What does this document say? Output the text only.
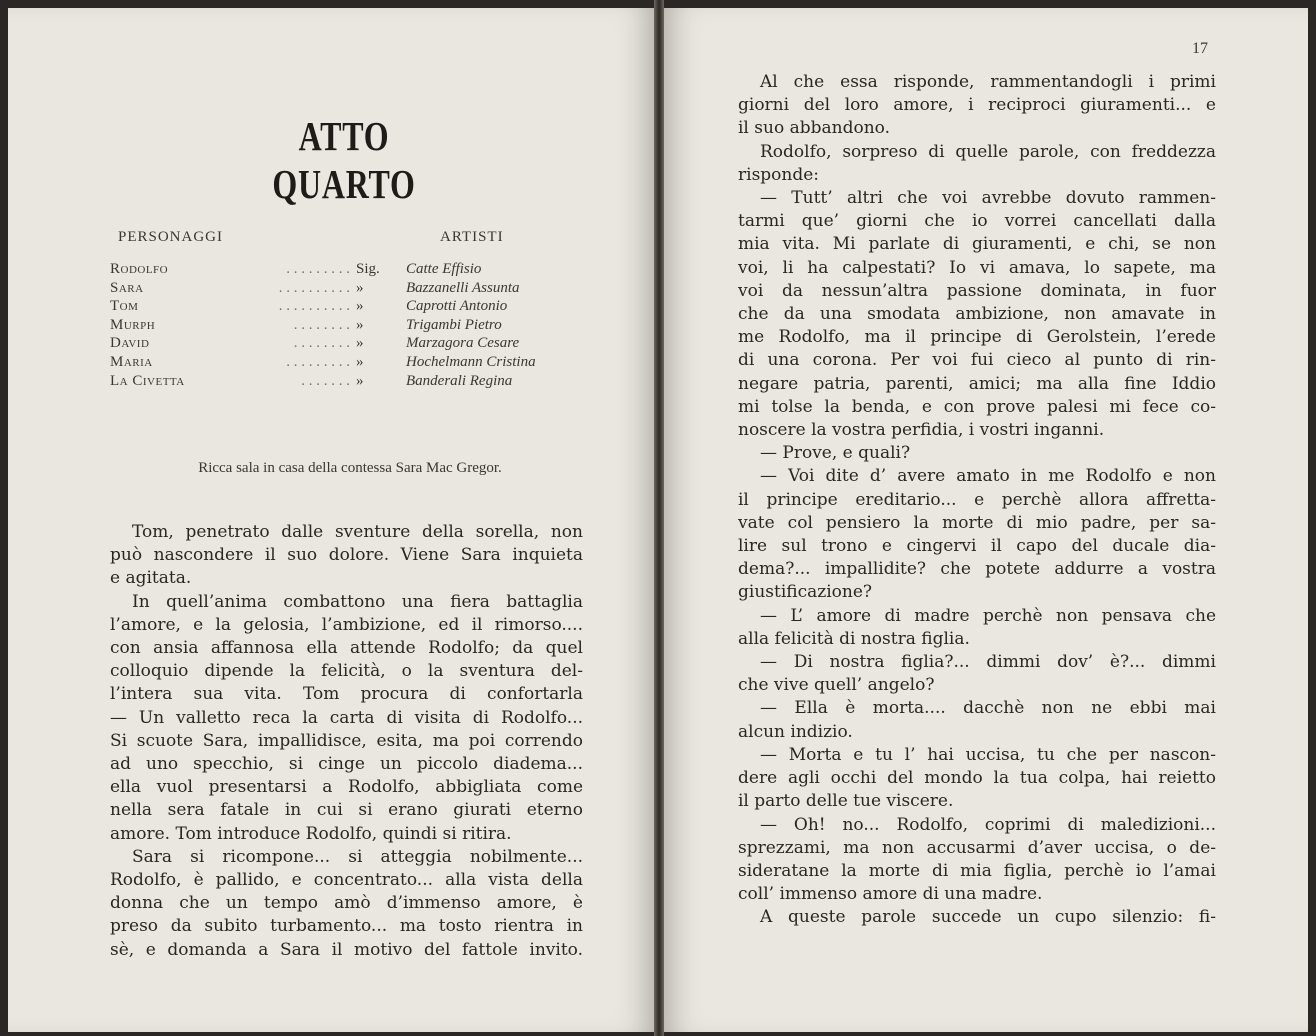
ATTO QUARTO
PERSONAGGI	ARTISTI
. . . . . . . . .
Rodolfo	Sig.	Catte Effisio
. . . . . . . . . .
Sara	»	Bazzanelli Assunta
. . . . . . . . . .
Tom	»	Caprotti Antonio
. . . . . . . .
Murph	»	Trigambi Pietro
. . . . . . . .
David	»	Marzagora Cesare
. . . . . . . . .
Maria	»	Hochelmann Cristina
. . . . . . .
La Civetta	»	Banderali Regina
Ricca sala in casa della contessa Sara Mac Gregor.
Tom, penetrato dalle sventure della sorella, non
può nascondere il suo dolore. Viene Sara inquieta
e agitata.
In quell’anima combattono una fiera battaglia
l’amore, e la gelosia, l’ambizione, ed il rimorso....
con ansia affannosa ella attende Rodolfo; da quel
colloquio dipende la felicità, o la sventura del-
l’intera sua vita. Tom procura di confortarla
— Un valletto reca la carta di visita di Rodolfo...
Si scuote Sara, impallidisce, esita, ma poi correndo
ad uno specchio, si cinge un piccolo diadema...
ella vuol presentarsi a Rodolfo, abbigliata come
nella sera fatale in cui si erano giurati eterno
amore. Tom introduce Rodolfo, quindi si ritira.
Sara si ricompone... si atteggia nobilmente...
Rodolfo, è pallido, e concentrato... alla vista della
donna che un tempo amò d’immenso amore, è
preso da subito turbamento... ma tosto rientra in
sè, e domanda a Sara il motivo del fattole invito.
17
Al che essa risponde, rammentandogli i primi
giorni del loro amore, i reciproci giuramenti... e
il suo abbandono.
Rodolfo, sorpreso di quelle parole, con freddezza
risponde:
— Tutt’ altri che voi avrebbe dovuto rammen-
tarmi que’ giorni che io vorrei cancellati dalla
mia vita. Mi parlate di giuramenti, e chi, se non
voi, li ha calpestati? Io vi amava, lo sapete, ma
voi da nessun’altra passione dominata, in fuor
che da una smodata ambizione, non amavate in
me Rodolfo, ma il principe di Gerolstein, l’erede
di una corona. Per voi fui cieco al punto di rin-
negare patria, parenti, amici; ma alla fine Iddio
mi tolse la benda, e con prove palesi mi fece co-
noscere la vostra perfidia, i vostri inganni.
— Prove, e quali?
— Voi dite d’ avere amato in me Rodolfo e non
il principe ereditario... e perchè allora affretta-
vate col pensiero la morte di mio padre, per sa-
lire sul trono e cingervi il capo del ducale dia-
dema?... impallidite? che potete addurre a vostra
giustificazione?
— L’ amore di madre perchè non pensava che
alla felicità di nostra figlia.
— Di nostra figlia?... dimmi dov’ è?... dimmi
che vive quell’ angelo?
— Ella è morta.... dacchè non ne ebbi mai
alcun indizio.
— Morta e tu l’ hai uccisa, tu che per nascon-
dere agli occhi del mondo la tua colpa, hai reietto
il parto delle tue viscere.
— Oh! no... Rodolfo, coprimi di maledizioni...
sprezzami, ma non accusarmi d’aver uccisa, o de-
sideratane la morte di mia figlia, perchè io l’amai
coll’ immenso amore di una madre.
A queste parole succede un cupo silenzio: fi-
